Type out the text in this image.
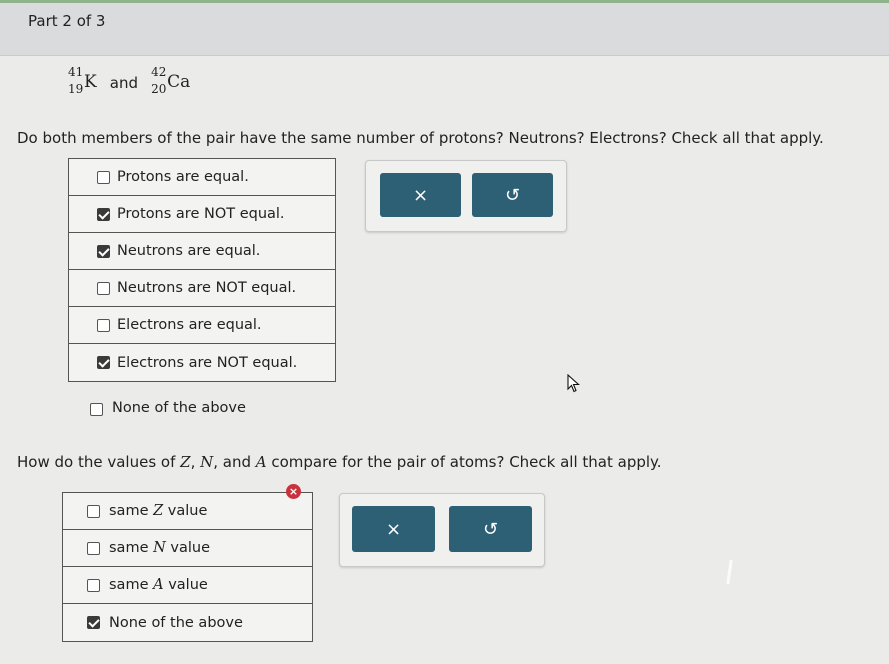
Part 2 of 3
41
19 K and
42
20 Ca
Do both members of the pair have the same number of protons? Neutrons? Electrons? Check all that apply.
Protons are equal.
Protons are NOT equal.
Neutrons are equal.
Neutrons are NOT equal.
Electrons are equal.
Electrons are NOT equal.
None of the above
×	↺
How do the values of Z, N, and A compare for the pair of atoms? Check all that apply.
same Z value
same N value
same A value
None of the above
×
×	↺
